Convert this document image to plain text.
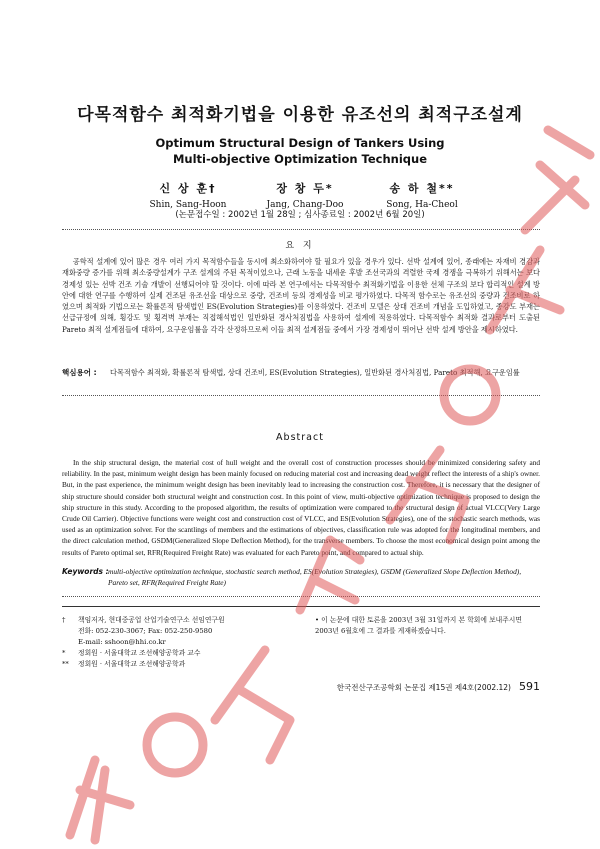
다목적함수 최적화기법을 이용한 유조선의 최적구조설계
Optimum Structural Design of Tankers Using
Multi-objective Optimization Technique
신 상 훈†
Shin, Sang-Hoon
장 창 두*
Jang, Chang-Doo
송 하 철**
Song, Ha-Cheol
(논문접수일 : 2002년 1월 28일 ; 심사종료일 : 2002년 6월 20일)
요 지

공학적 설계에 있어 많은 경우 여러 가지 목적함수들을 동시에 최소화하여야 할 필요가 있을 경우가 있다. 선박 설계에 있어, 종래에는 자재비 경감과 재화중량 증가를 위해 최소중량설계가 구조 설계의 주된 목적이었으나, 근래 노동을 내세운 후발 조선국과의 격렬한 국제 경쟁을 극복하기 위해서는 보다 경제성 있는 선박 건조 기술 개발이 선행되어야 할 것이다. 이에 따라 본 연구에서는 다목적함수 최적화기법을 이용한 선체 구조의 보다 합리적인 설계 방안에 대한 연구를 수행하여 실제 건조된 유조선을 대상으로 중량, 건조비 등의 경제성을 비교 평가하였다. 다목적 함수로는 유조선의 중량과 건조비로 하였으며 최적화 기법으로는 확률론적 탐색법인 ES(Evolution Strategies)를 이용하였다. 건조비 모델은 상대 건조비 개념을 도입하였고, 종강도 부재는 선급규정에 의해, 횡강도 및 횡격벽 부재는 직접해석법인 일반화된 경사처짐법을 사용하여 설계에 적용하였다. 다목적함수 최적화 결과로부터 도출된 Pareto 최적 설계점들에 대하여, 요구운임률을 각각 산정하므로써 이들 최적 설계점들 중에서 가장 경제성이 뛰어난 선박 설계 방안을 제시하였다.

핵심용어 : 다목적함수 최적화, 확률론적 탐색법, 상대 건조비, ES(Evolution Strategies), 일반화된 경사처짐법, Pareto 최적해, 요구운임률
Abstract

In the ship structural design, the material cost of hull weight and the overall cost of construction processes should be minimized considering safety and reliability. In the past, minimum weight design has been mainly focused on reducing material cost and increasing dead weight reflect the interests of a ship's owner. But, in the past experience, the minimum weight design has been inevitably lead to increasing the construction cost. Therefore, it is necessary that the designer of ship structure should consider both structural weight and construction cost. In this point of view, multi-objective optimization technique is proposed to design the ship structure in this study. According to the proposed algorithm, the results of optimization were compared to the structural design of actual VLCC(Very Large Crude Oil Carrier). Objective functions were weight cost and construction cost of VLCC, and ES(Evolution Strategies), one of the stochastic search methods, was used as an optimization solver. For the scantlings of members and the estimations of objectives, classification rule was adopted for the longitudinal members, and the direct calculation method, GSDM(Generalized Slope Deflection Method), for the transverse members. To choose the most economical design point among the results of Pareto optimal set, RFR(Required Freight Rate) was evaluated for each Pareto point, and compared to actual ship.

Keywords : multi-objective optimization technique, stochastic search method, ES(Evolution Strategies), GSDM (Generalized Slope Deflection Method), Pareto set, RFR(Required Freight Rate)
† 책임저자, 현대중공업 산업기술연구소 선임연구원
전화: 052-230-3067; Fax: 052-250-9580
E-mail: sshoon@hhi.co.kr
* 정회원 · 서울대학교 조선해양공학과 교수
** 정회원 · 서울대학교 조선해양공학과
• 이 논문에 대한 토론을 2003년 3월 31일까지 본 학회에 보내주시면 2003년 6월호에 그 결과를 게재하겠습니다.
한국전산구조공학회 논문집 제15권 제4호(2002.12) 591
